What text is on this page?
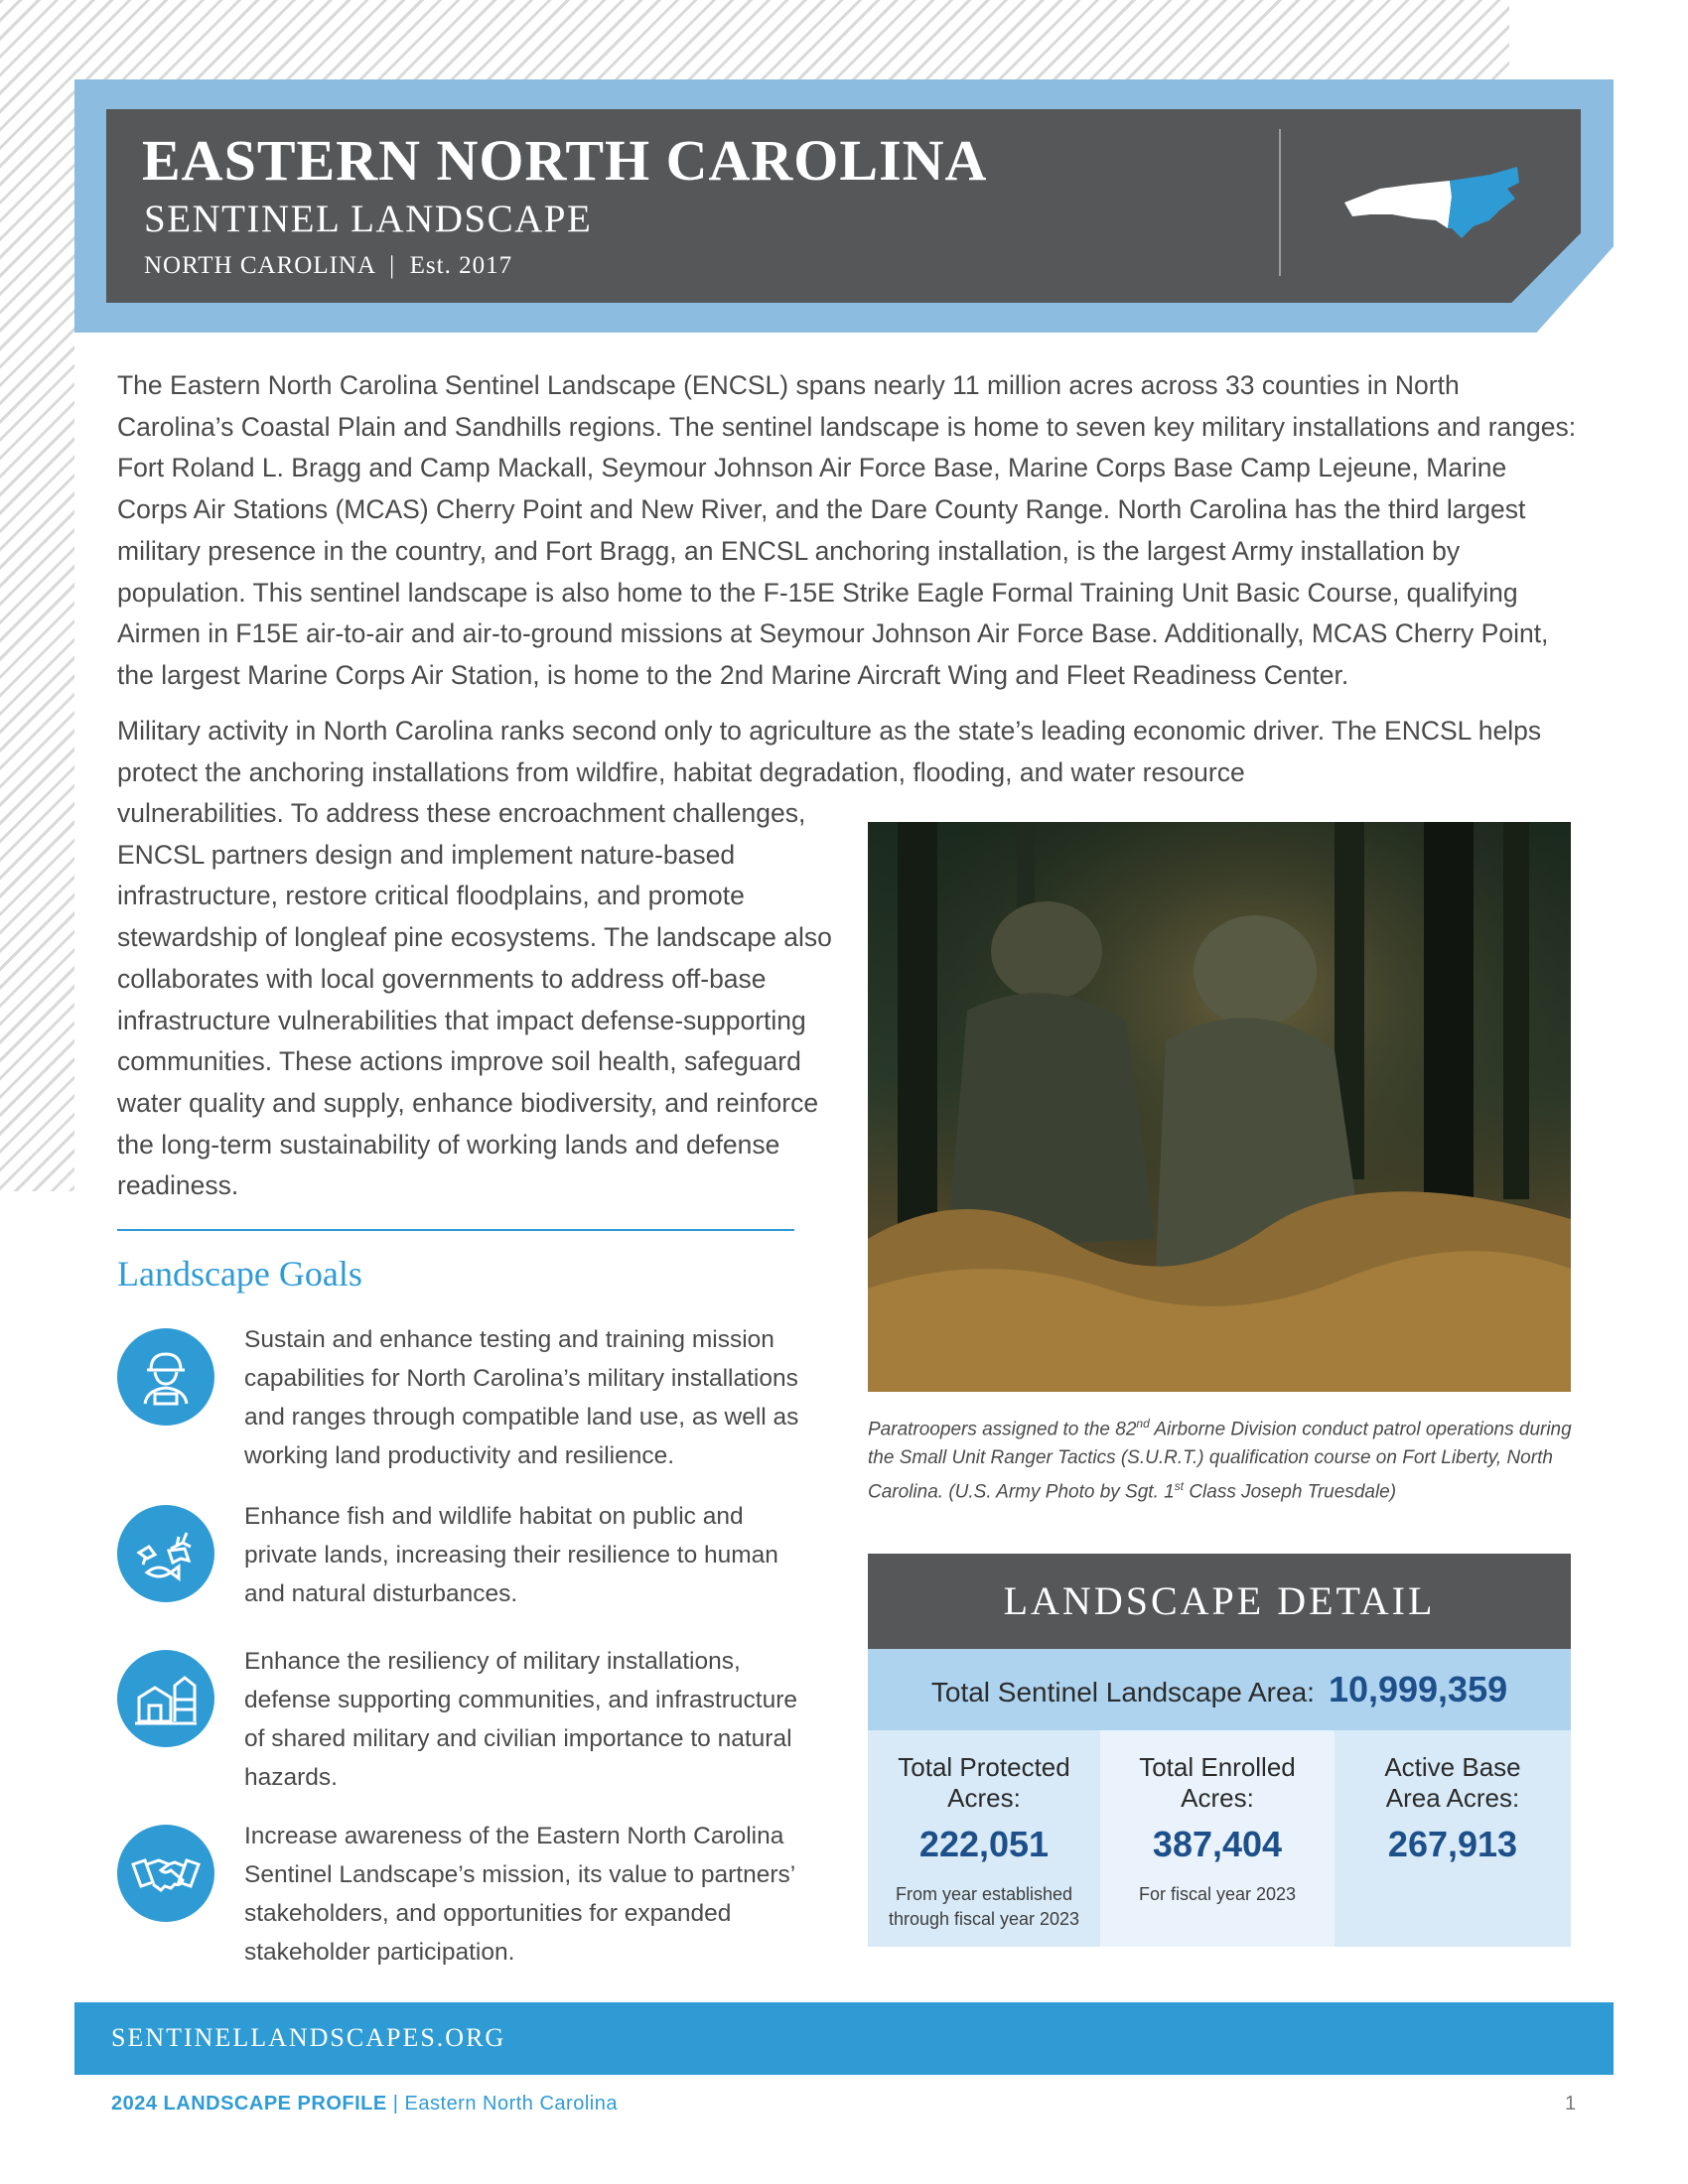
EASTERN NORTH CAROLINA
SENTINEL LANDSCAPE
NORTH CAROLINA  |  Est. 2017
The Eastern North Carolina Sentinel Landscape (ENCSL) spans nearly 11 million acres across 33 counties in North Carolina’s Coastal Plain and Sandhills regions. The sentinel landscape is home to seven key military installations and ranges: Fort Roland L. Bragg and Camp Mackall, Seymour Johnson Air Force Base, Marine Corps Base Camp Lejeune, Marine Corps Air Stations (MCAS) Cherry Point and New River, and the Dare County Range. North Carolina has the third largest military presence in the country, and Fort Bragg, an ENCSL anchoring installation, is the largest Army installation by population. This sentinel landscape is also home to the F-15E Strike Eagle Formal Training Unit Basic Course, qualifying Airmen in F15E air-to-air and air-to-ground missions at Seymour Johnson Air Force Base. Additionally, MCAS Cherry Point, the largest Marine Corps Air Station, is home to the 2nd Marine Aircraft Wing and Fleet Readiness Center.
Military activity in North Carolina ranks second only to agriculture as the state’s leading economic driver. The ENCSL helps protect the anchoring installations from wildfire, habitat degradation, flooding, and water resource
vulnerabilities. To address these encroachment challenges, ENCSL partners design and implement nature-based infrastructure, restore critical floodplains, and promote stewardship of longleaf pine ecosystems. The landscape also collaborates with local governments to address off-base infrastructure vulnerabilities that impact defense-supporting communities. These actions improve soil health, safeguard water quality and supply, enhance biodiversity, and reinforce the long-term sustainability of working lands and defense readiness.
Landscape Goals
Sustain and enhance testing and training mission capabilities for North Carolina’s military installations and ranges through compatible land use, as well as working land productivity and resilience.
Enhance fish and wildlife habitat on public and private lands, increasing their resilience to human and natural disturbances.
Enhance the resiliency of military installations, defense supporting communities, and infrastructure of shared military and civilian importance to natural hazards.
Increase awareness of the Eastern North Carolina Sentinel Landscape’s mission, its value to partners’ stakeholders, and opportunities for expanded stakeholder participation.
Paratroopers assigned to the 82nd Airborne Division conduct patrol operations during the Small Unit Ranger Tactics (S.U.R.T.) qualification course on Fort Liberty, North Carolina. (U.S. Army Photo by Sgt. 1st Class Joseph Truesdale)
LANDSCAPE DETAIL
Total Sentinel Landscape Area: 10,999,359
Total Protected Acres:
222,051
From year established through fiscal year 2023
Total Enrolled Acres:
387,404
For fiscal year 2023
Active Base Area Acres:
267,913
SENTINELLANDSCAPES.ORG
2024 LANDSCAPE PROFILE | Eastern North Carolina	1
